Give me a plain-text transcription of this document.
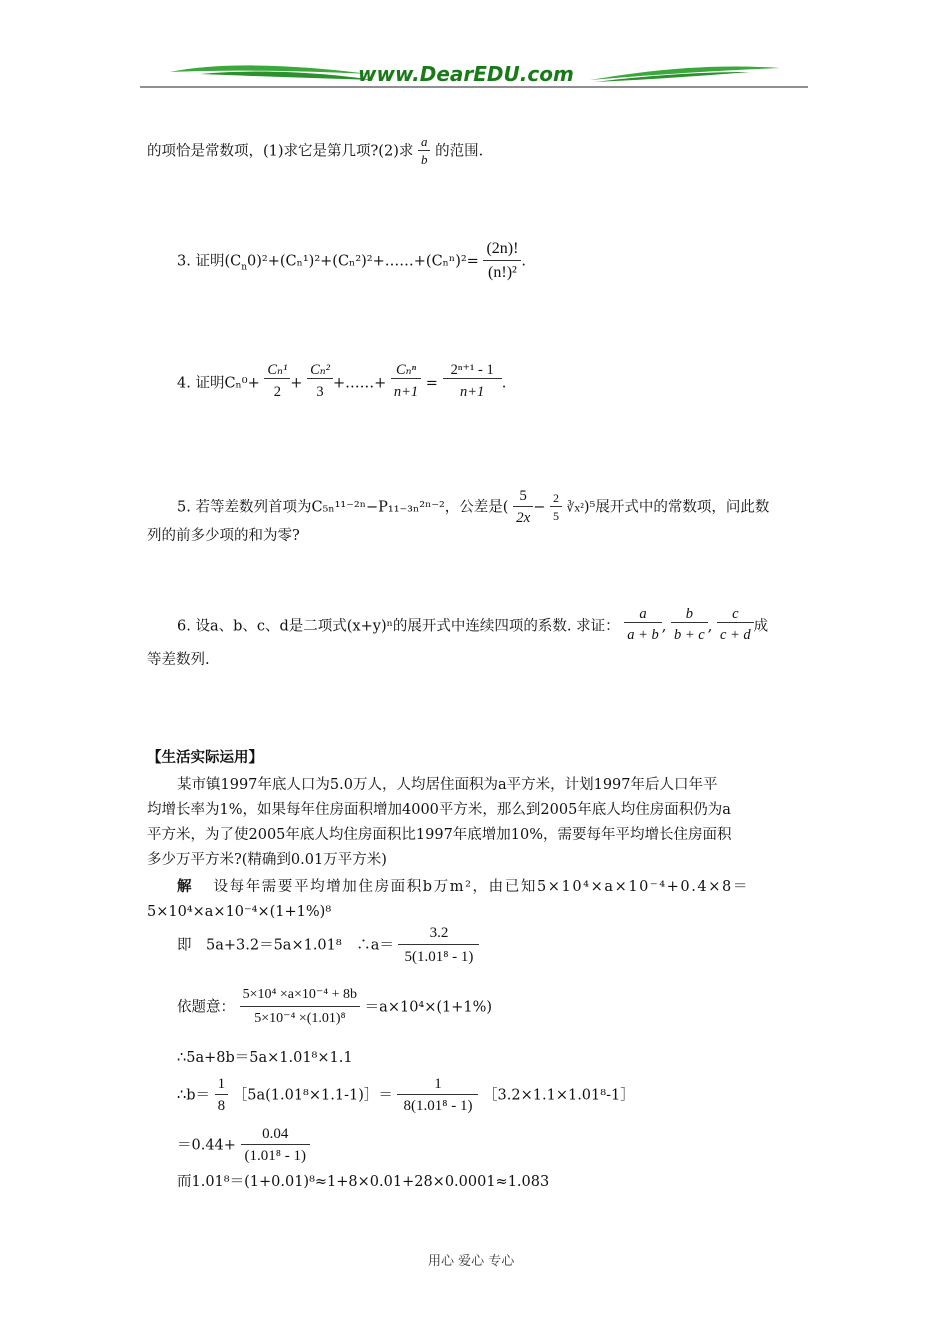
www.DearEDU.com
的项恰是常数项，(1)求它是第几项?(2)求 $\frac{a}{b}$ 的范围.
3. 证明$(C_n0)^2+(C_n^1)^2+(C_n^2)^2+\dots\dots+(C_n^n)^2= \frac{(2n)!}{\text{(n!)²}}$ .
4. 证明$C_n^0+ \frac{\text{Cₙ¹}}{2} + \frac{\text{Cₙ²}}{3}$ +……+ $\frac{\text{Cₙⁿ}}{n+1} = \frac{\text{2ⁿ⁺¹ - 1}}{n+1}$ .
5. 若等差数列首项为C₅ₙ¹¹⁻²ⁿ−P₁₁₋₃ₙ²ⁿ⁻²，公差是( $\frac{5}{2x} - \frac{2}{5}$ ∛x²)⁵展开式中的常数项，问此数
列的前多少项的和为零?
6. 设a、b、c、d是二项式(x+y)ⁿ的展开式中连续四项的系数. 求证： $\frac{a}{a + b}$ , $\frac{b}{b + c}$ , $\frac{c}{c + d}$ 成
等差数列.
【生活实际运用】
某市镇1997年底人口为5.0万人，人均居住面积为a平方米，计划1997年后人口年平
均增长率为1%，如果每年住房面积增加4000平方米，那么到2005年底人均住房面积仍为a
平方米，为了使2005年底人均住房面积比1997年底增加10%，需要每年平均增长住房面积
多少万平方米?(精确到0.01万平方米)
解 设每年需要平均增加住房面积b万m²，由已知5×10⁴×a×10⁻⁴+0.4×8＝
5×10⁴×a×10⁻⁴×(1+1%)⁸
即　5a+3.2＝5a×1.01⁸　∴a＝ $\frac{3.2}{\text{5(1.01⁸ - 1)}}$
依题意： $\frac{\text{5×10⁴ ×a×10⁻⁴ + 8b}}{\text{5×10⁻⁴ ×(1.01)⁸}} =a\times 10^4\times(1+1\%)$
∴5a+8b＝5a×1.01⁸×1.1
∴b＝ $\frac{1}{8}$ ［5a(1.01⁸×1.1-1)］＝ $\frac{1}{\text{8(1.01⁸ - 1)}}$ ［3.2×1.1×1.01⁸-1］
$=0.44+ \frac{0.04}{\text{(1.01⁸ - 1)}}$
而1.01⁸＝(1+0.01)⁸≈1+8×0.01+28×0.0001≈1.083
用心 爱心 专心
